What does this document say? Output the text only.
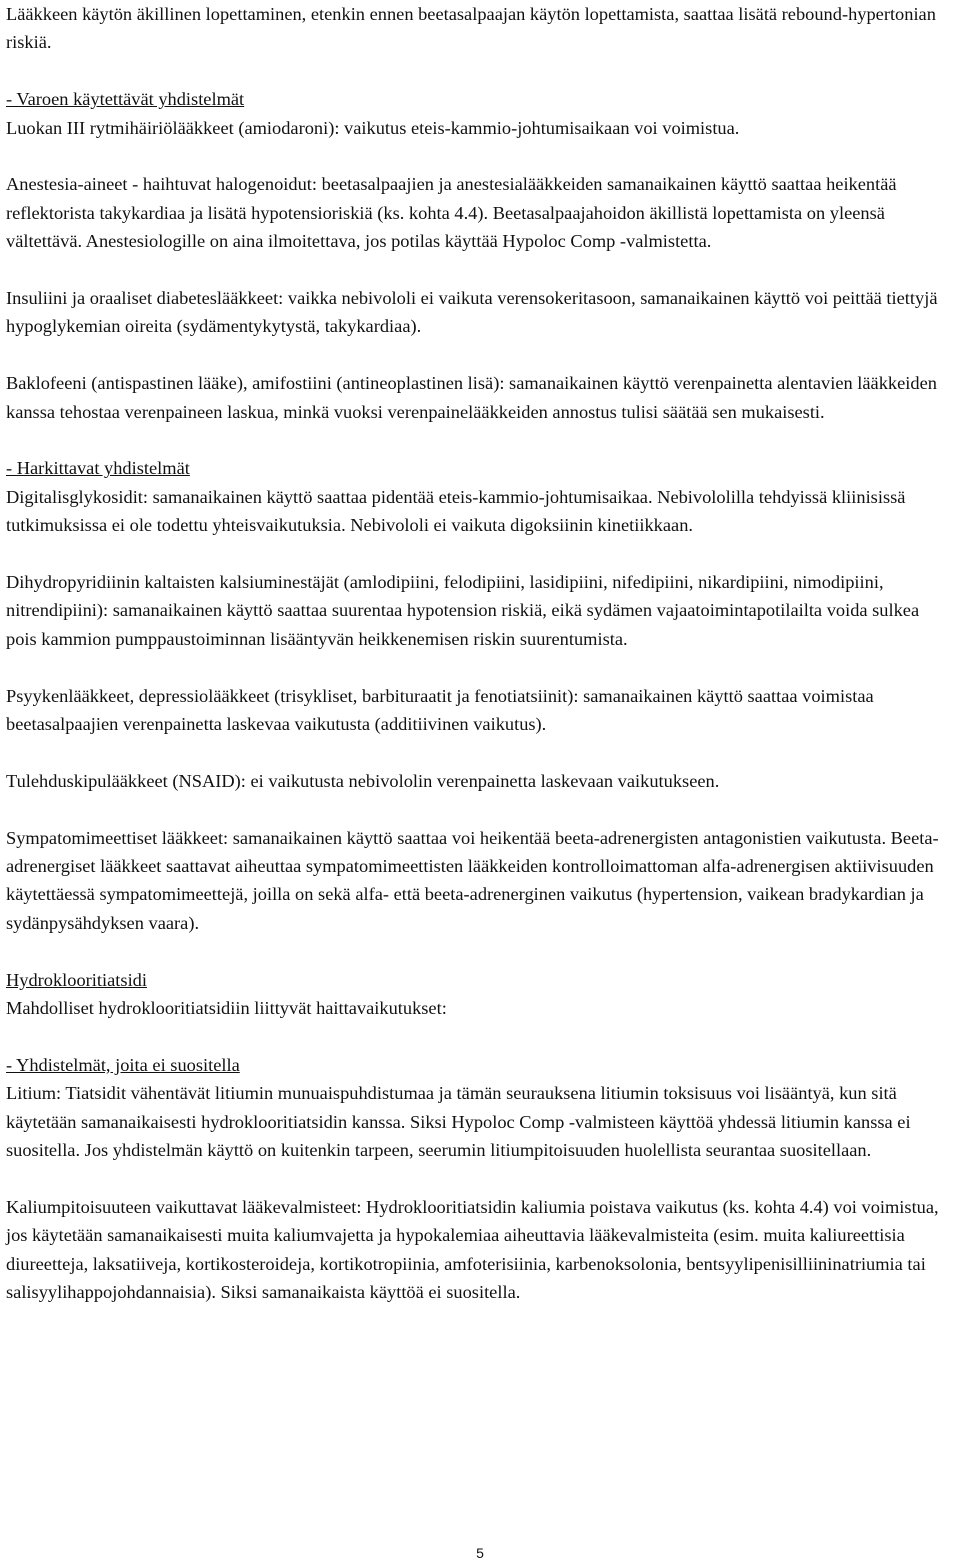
Lääkkeen käytön äkillinen lopettaminen, etenkin ennen beetasalpaajan käytön lopettamista, saattaa lisätä rebound-hypertonian riskiä.

- Varoen käytettävät yhdistelmät

Luokan III rytmihäiriölääkkeet (amiodaroni): vaikutus eteis-kammio-johtumisaikaan voi voimistua.

Anestesia-aineet - haihtuvat halogenoidut: beetasalpaajien ja anestesialääkkeiden samanaikainen käyttö saattaa heikentää reflektorista takykardiaa ja lisätä hypotensioriskiä (ks. kohta 4.4). Beetasalpaajahoidon äkillistä lopettamista on yleensä vältettävä. Anestesiologille on aina ilmoitettava, jos potilas käyttää Hypoloc Comp -valmistetta.

Insuliini ja oraaliset diabeteslääkkeet: vaikka nebivololi ei vaikuta verensokeritasoon, samanaikainen käyttö voi peittää tiettyjä hypoglykemian oireita (sydämentykytystä, takykardiaa).

Baklofeeni (antispastinen lääke), amifostiini (antineoplastinen lisä): samanaikainen käyttö verenpainetta alentavien lääkkeiden kanssa tehostaa verenpaineen laskua, minkä vuoksi verenpainelääkkeiden annostus tulisi säätää sen mukaisesti.

- Harkittavat yhdistelmät

Digitalisglykosidit: samanaikainen käyttö saattaa pidentää eteis-kammio-johtumisaikaa. Nebivololilla tehdyissä kliinisissä tutkimuksissa ei ole todettu yhteisvaikutuksia. Nebivololi ei vaikuta digoksiinin kinetiikkaan.

Dihydropyridiinin kaltaisten kalsiuminestäjät (amlodipiini, felodipiini, lasidipiini, nifedipiini, nikardipiini, nimodipiini, nitrendipiini): samanaikainen käyttö saattaa suurentaa hypotension riskiä, eikä sydämen vajaatoimintapotilailta voida sulkea pois kammion pumppaustoiminnan lisääntyvän heikkenemisen riskin suurentumista.

Psyykenlääkkeet, depressiolääkkeet (trisykliset, barbituraatit ja fenotiatsiinit): samanaikainen käyttö saattaa voimistaa beetasalpaajien verenpainetta laskevaa vaikutusta (additiivinen vaikutus).

Tulehduskipulääkkeet (NSAID): ei vaikutusta nebivololin verenpainetta laskevaan vaikutukseen.

Sympatomimeettiset lääkkeet: samanaikainen käyttö saattaa voi heikentää beeta-adrenergisten antagonistien vaikutusta. Beeta-adrenergiset lääkkeet saattavat aiheuttaa sympatomimeettisten lääkkeiden kontrolloimattoman alfa-adrenergisen aktiivisuuden käytettäessä sympatomimeettejä, joilla on sekä alfa- että beeta-adrenerginen vaikutus (hypertension, vaikean bradykardian ja sydänpysähdyksen vaara).

Hydroklooritiatsidi

Mahdolliset hydroklooritiatsidiin liittyvät haittavaikutukset:

- Yhdistelmät, joita ei suositella

Litium: Tiatsidit vähentävät litiumin munuaispuhdistumaa ja tämän seurauksena litiumin toksisuus voi lisääntyä, kun sitä käytetään samanaikaisesti hydroklooritiatsidin kanssa. Siksi Hypoloc Comp -valmisteen käyttöä yhdessä litiumin kanssa ei suositella. Jos yhdistelmän käyttö on kuitenkin tarpeen, seerumin litiumpitoisuuden huolellista seurantaa suositellaan.

Kaliumpitoisuuteen vaikuttavat lääkevalmisteet: Hydroklooritiatsidin kaliumia poistava vaikutus (ks. kohta 4.4) voi voimistua, jos käytetään samanaikaisesti muita kaliumvajetta ja hypokalemiaa aiheuttavia lääkevalmisteita (esim. muita kaliureettisia diureetteja, laksatiiveja, kortikosteroideja, kortikotropiinia, amfoterisiinia, karbenoksolonia, bentsyylipenisilliininatriumia tai salisyylihappojohdannaisia). Siksi samanaikaista käyttöä ei suositella.

5
